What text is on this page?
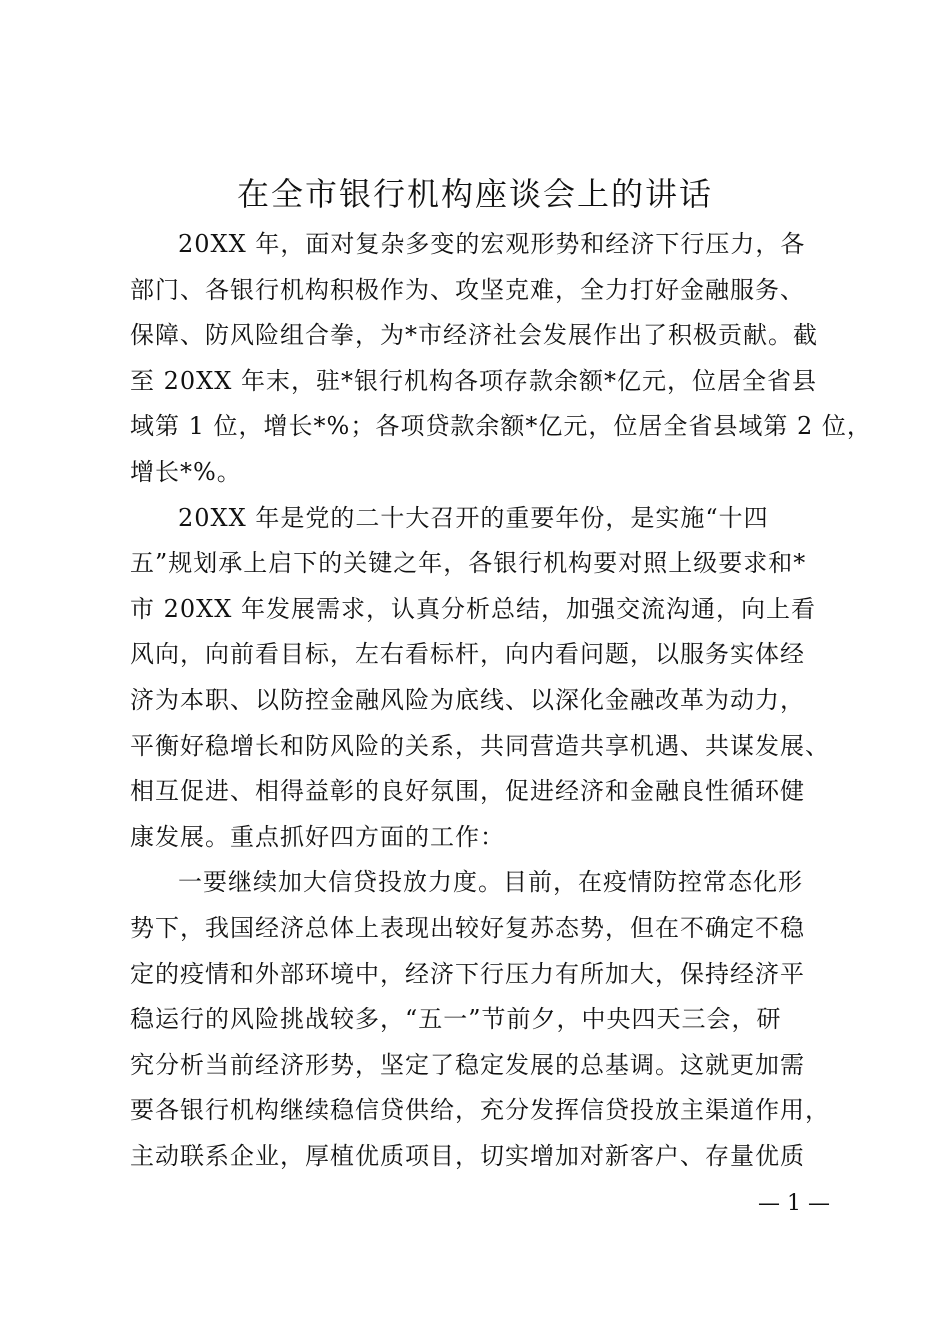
在全市银行机构座谈会上的讲话

20XX 年，面对复杂多变的宏观形势和经济下行压力，各
部门、各银行机构积极作为、攻坚克难，全力打好金融服务、
保障、防风险组合拳，为*市经济社会发展作出了积极贡献。截
至 20XX 年末，驻*银行机构各项存款余额*亿元，位居全省县
域第 1 位，增长*%；各项贷款余额*亿元，位居全省县域第 2 位，
增长*%。

20XX 年是党的二十大召开的重要年份，是实施“十四
五”规划承上启下的关键之年，各银行机构要对照上级要求和*
市 20XX 年发展需求，认真分析总结，加强交流沟通，向上看
风向，向前看目标，左右看标杆，向内看问题，以服务实体经
济为本职、以防控金融风险为底线、以深化金融改革为动力，
平衡好稳增长和防风险的关系，共同营造共享机遇、共谋发展、
相互促进、相得益彰的良好氛围，促进经济和金融良性循环健
康发展。重点抓好四方面的工作：

一要继续加大信贷投放力度。目前，在疫情防控常态化形
势下，我国经济总体上表现出较好复苏态势，但在不确定不稳
定的疫情和外部环境中，经济下行压力有所加大，保持经济平
稳运行的风险挑战较多，“五一”节前夕，中央四天三会，研
究分析当前经济形势，坚定了稳定发展的总基调。这就更加需
要各银行机构继续稳信贷供给，充分发挥信贷投放主渠道作用，
主动联系企业，厚植优质项目，切实增加对新客户、存量优质

— 1 —
